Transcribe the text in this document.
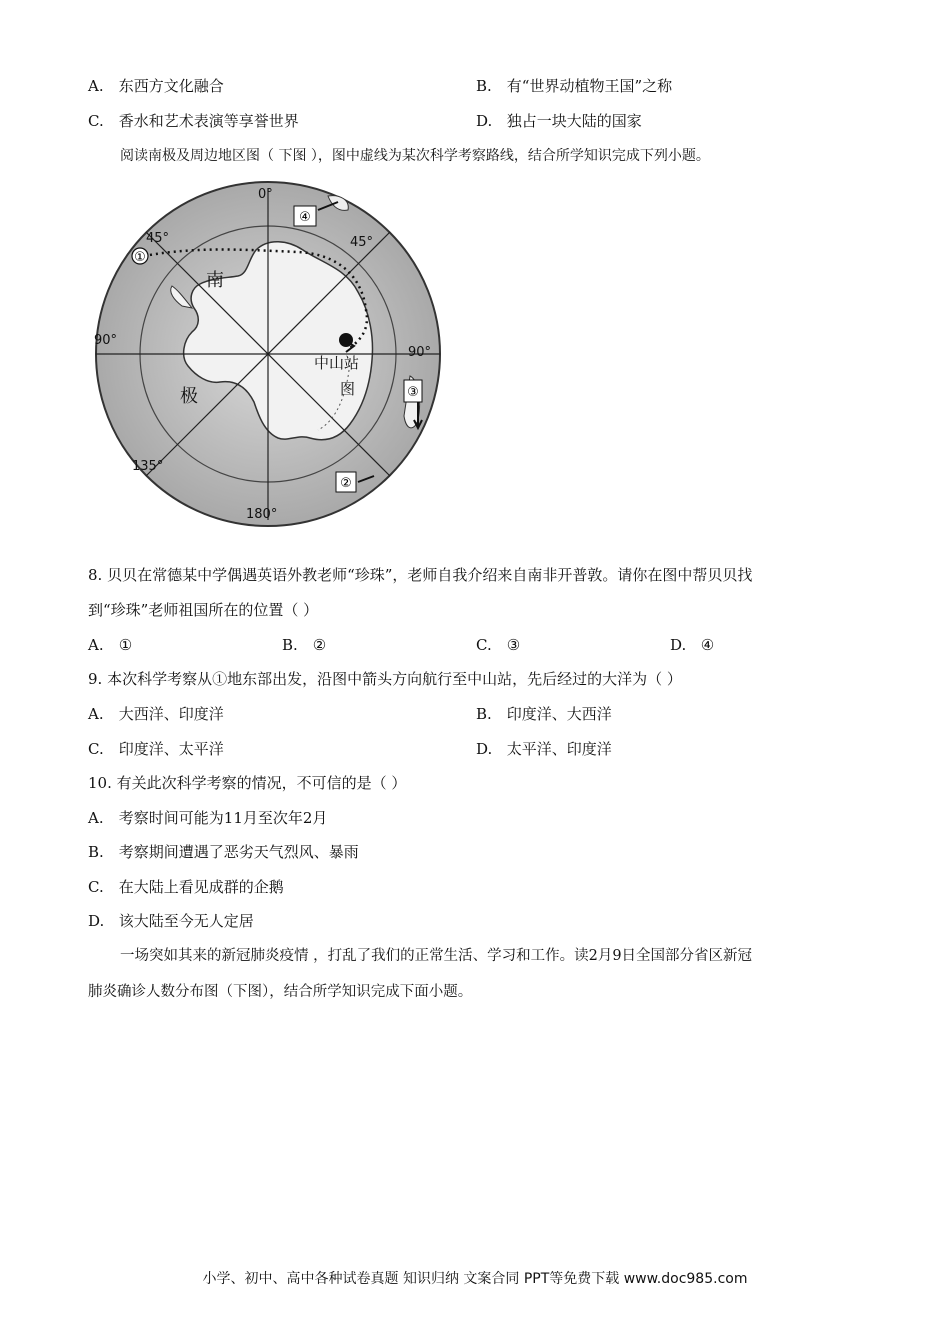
A. 东西方文化融合	B. 有“世界动植物王国”之称
C. 香水和艺术表演等享誉世界	D. 独占一块大陆的国家
阅读南极及周边地区图（ 下图 ），图中虚线为某次科学考察路线，结合所学知识完成下列小题。
①
②
③
④
0°
45°	45°
90°
90°
135°
180°
南
极
中山站
图
8. 贝贝在常德某中学偶遇英语外教老师“珍珠”，老师自我介绍来自南非开普敦。请你在图中帮贝贝找
到“珍珠”老师祖国所在的位置（ ）
A. ①	B. ②	C. ③	D. ④
9. 本次科学考察从①地东部出发，沿图中箭头方向航行至中山站，先后经过的大洋为（ ）
A. 大西洋、印度洋	B. 印度洋、大西洋
C. 印度洋、太平洋	D. 太平洋、印度洋
10. 有关此次科学考察的情况，不可信的是（ ）
A. 考察时间可能为11月至次年2月
B. 考察期间遭遇了恶劣天气烈风、暴雨
C. 在大陆上看见成群的企鹅
D. 该大陆至今无人定居
一场突如其来的新冠肺炎疫情 ，打乱了我们的正常生活、学习和工作。读2月9日全国部分省区新冠
肺炎确诊人数分布图（下图），结合所学知识完成下面小题。
小学、初中、高中各种试卷真题 知识归纳 文案合同 PPT等免费下载 www.doc985.com
